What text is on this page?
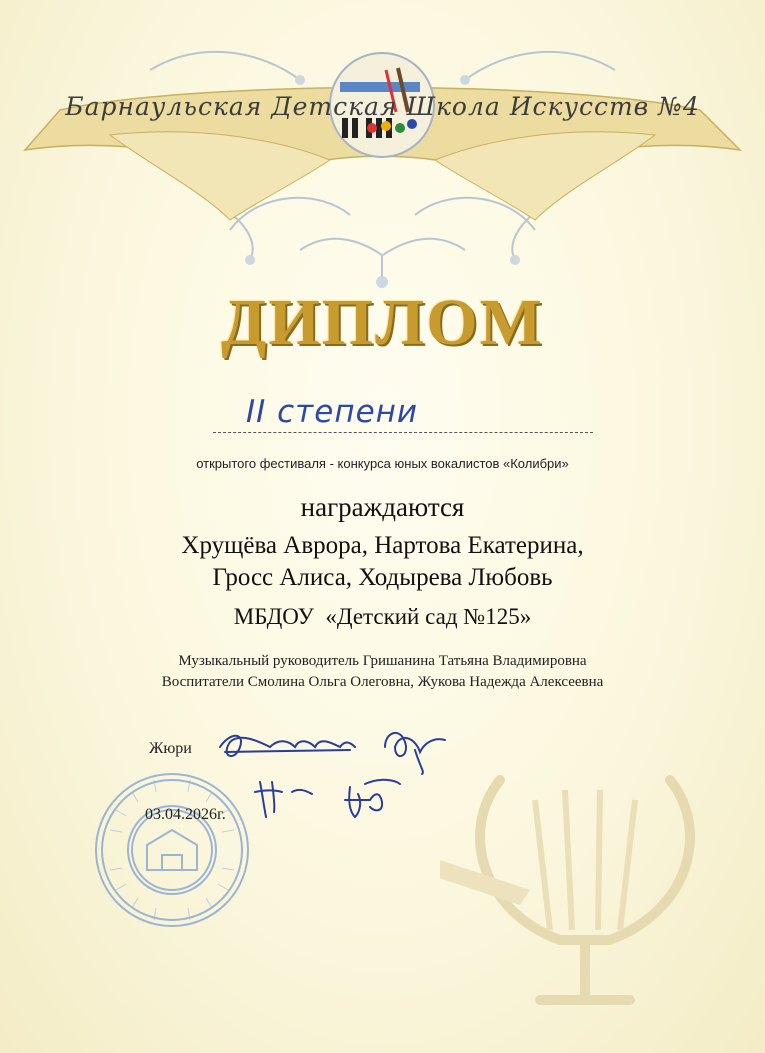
Барнаульская Детская Школа Искусств №4
ДИПЛОМ
II степени
открытого фестиваля - конкурса юных вокалистов «Колибри»
награждаются
Хрущёва Аврора, Нартова Екатерина,
Гросс Алиса, Ходырева Любовь
МБДОУ  «Детский сад №125»
Музыкальный руководитель Гришанина Татьяна Владимировна
Воспитатели Смолина Ольга Олеговна, Жукова Надежда Алексеевна
Жюри
03.04.2026г.
